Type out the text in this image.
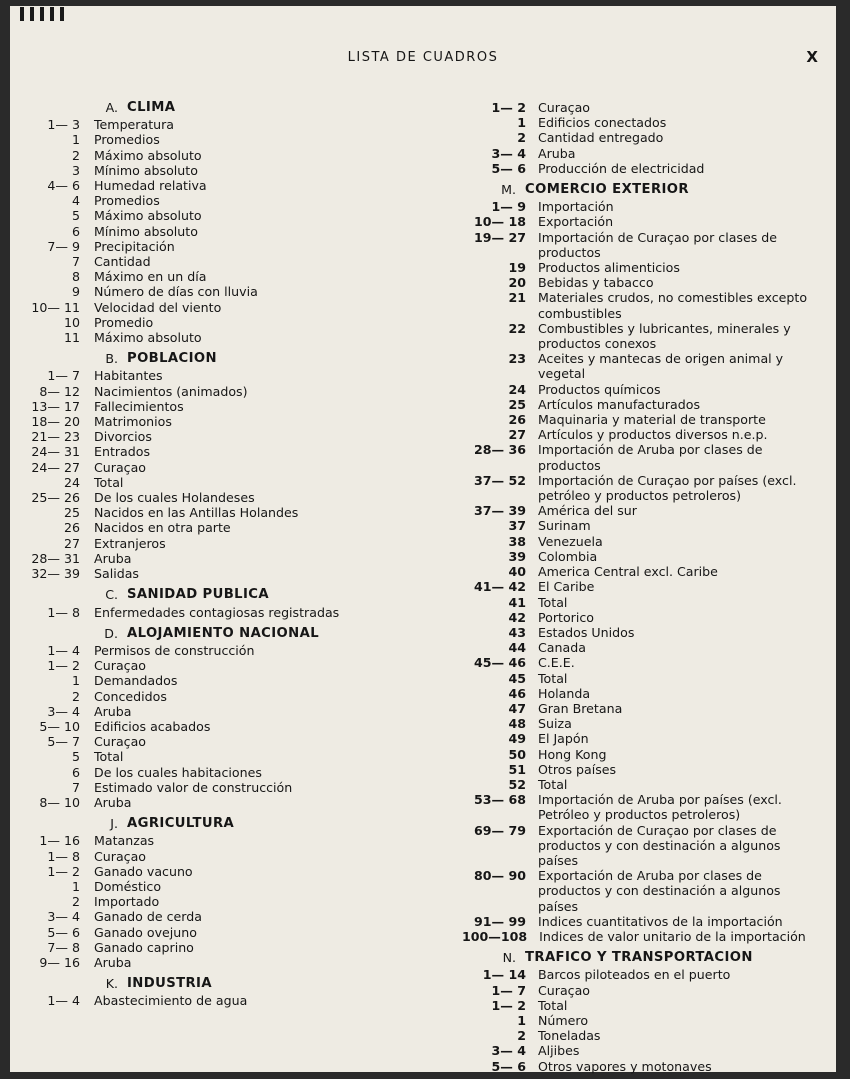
LISTA DE CUADROS	X
A. CLIMA
1— 3	Temperatura
1	Promedios
2	Máximo absoluto
3	Mínimo absoluto
4— 6	Humedad relativa
4	Promedios
5	Máximo absoluto
6	Mínimo absoluto
7— 9	Precipitación
7	Cantidad
8	Máximo en un día
9	Número de días con lluvia
10— 11	Velocidad del viento
10	Promedio
11	Máximo absoluto
B. POBLACION
1— 7	Habitantes
8— 12	Nacimientos (animados)
13— 17	Fallecimientos
18— 20	Matrimonios
21— 23	Divorcios
24— 31	Entrados
24— 27	Curaçao
24	Total
25— 26	De los cuales Holandeses
25	Nacidos en las Antillas Holandes
26	Nacidos en otra parte
27	Extranjeros
28— 31	Aruba
32— 39	Salidas
C. SANIDAD PUBLICA
1— 8	Enfermedades contagiosas registradas
D. ALOJAMIENTO NACIONAL
1— 4	Permisos de construcción
1— 2	Curaçao
1	Demandados
2	Concedidos
3— 4	Aruba
5— 10	Edificios acabados
5— 7	Curaçao
5	Total
6	De los cuales habitaciones
7	Estimado valor de construcción
8— 10	Aruba
J. AGRICULTURA
1— 16	Matanzas
1— 8	Curaçao
1— 2	Ganado vacuno
1	Doméstico
2	Importado
3— 4	Ganado de cerda
5— 6	Ganado ovejuno
7— 8	Ganado caprino
9— 16	Aruba
K. INDUSTRIA
1— 4	Abastecimiento de agua
1— 2 Curaçao
1 Edificios conectados
2 Cantidad entregado
3— 4 Aruba
5— 6 Producción de electricidad
M. COMERCIO EXTERIOR
1— 9 Importación
10— 18 Exportación
19— 27 Importación de Curaçao por clases de productos
19 Productos alimenticios
20 Bebidas y tabacco
21 Materiales crudos, no comestibles excepto combustibles
22 Combustibles y lubricantes, minerales y productos conexos
23 Aceites y mantecas de origen animal y vegetal
24 Productos químicos
25 Artículos manufacturados
26 Maquinaria y material de transporte
27 Artículos y productos diversos n.e.p.
28— 36 Importación de Aruba por clases de productos
37— 52 Importación de Curaçao por países (excl. petróleo y productos petroleros)
37— 39 América del sur
37 Surinam
38 Venezuela
39 Colombia
40 America Central excl. Caribe
41— 42 El Caribe
41 Total
42 Portorico
43 Estados Unidos
44 Canada
45— 46 C.E.E.
45 Total
46 Holanda
47 Gran Bretana
48 Suiza
49 El Japón
50 Hong Kong
51 Otros países
52 Total
53— 68 Importación de Aruba por países (excl. Petróleo y productos petroleros)
69— 79 Exportación de Curaçao por clases de productos y con destinación a algunos países
80— 90 Exportación de Aruba por clases de productos y con destinación a algunos países
91— 99 Indices cuantitativos de la importación
100—108 Indices de valor unitario de la importación
N. TRAFICO Y TRANSPORTACION
1— 14 Barcos piloteados en el puerto
1— 7 Curaçao
1— 2 Total
1 Número
2 Toneladas
3— 4 Aljibes
5— 6 Otros vapores y motonaves
